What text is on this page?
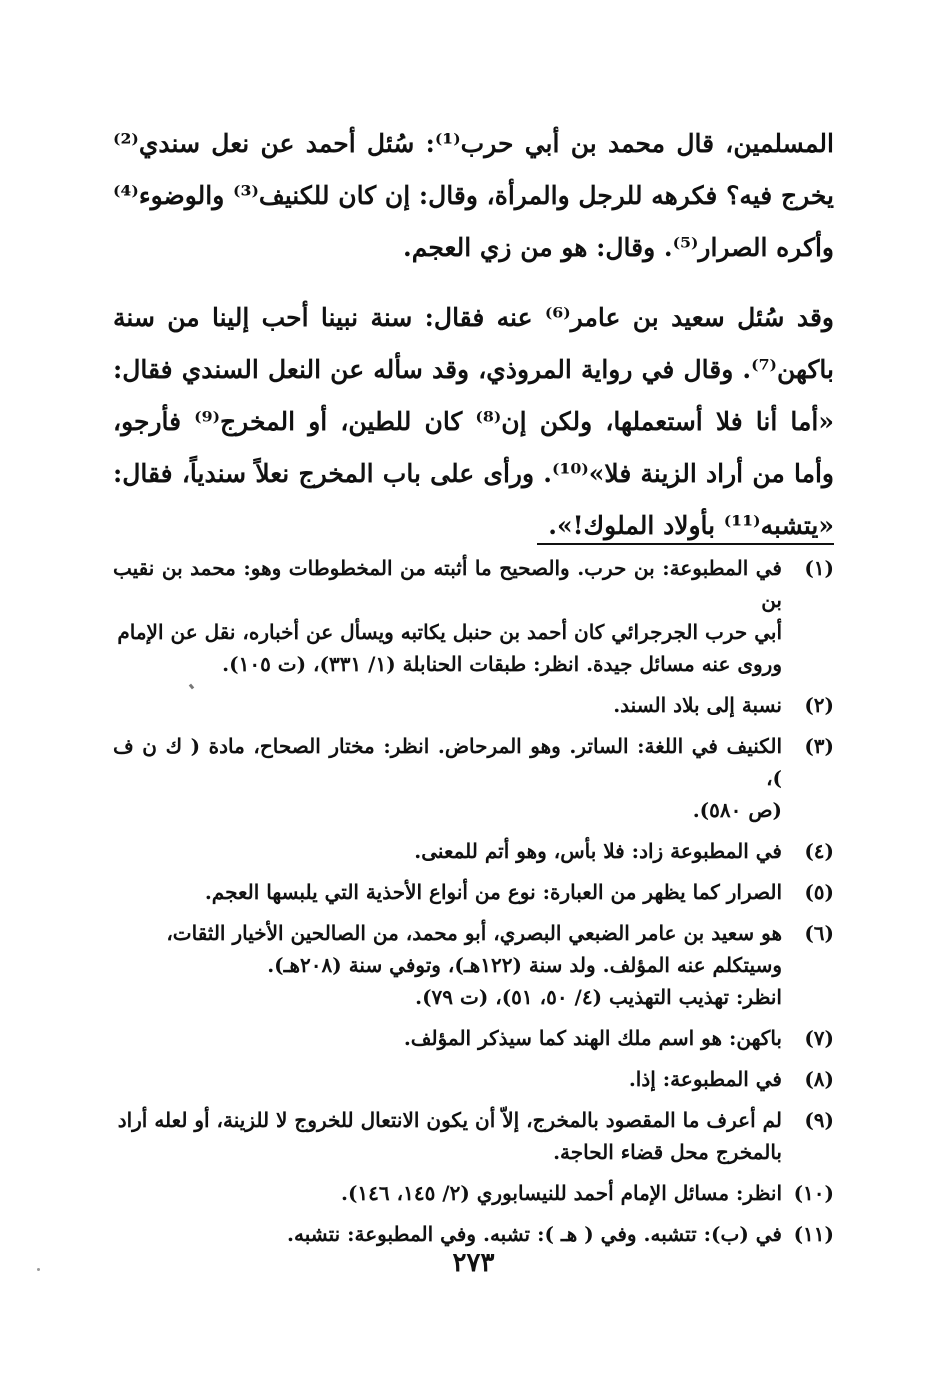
المسلمين، قال محمد بن أبي حرب⁽¹⁾: سُئل أحمد عن نعل سندي⁽²⁾ يخرج فيه؟ فكرهه للرجل والمرأة، وقال: إن كان للكنيف⁽³⁾ والوضوء⁽⁴⁾ وأكره الصرار⁽⁵⁾. وقال: هو من زي العجم.

وقد سُئل سعيد بن عامر⁽⁶⁾ عنه فقال: سنة نبينا أحب إلينا من سنة باكهن⁽⁷⁾. وقال في رواية المروذي، وقد سأله عن النعل السندي فقال: «أما أنا فلا أستعملها، ولكن إن⁽⁸⁾ كان للطين، أو المخرج⁽⁹⁾ فأرجو، وأما من أراد الزينة فلا»⁽¹⁰⁾. ورأى على باب المخرج نعلاً سندياً، فقال: «يتشبه⁽¹¹⁾ بأولاد الملوك!».

(١)
في المطبوعة: بن حرب. والصحيح ما أثبته من المخطوطات وهو: محمد بن نقيب بن
أبي حرب الجرجرائي كان أحمد بن حنبل يكاتبه ويسأل عن أخباره، نقل عن الإمام
وروى عنه مسائل جيدة. انظر: طبقات الحنابلة (١/ ٣٣١)، (ت ١٠٥).
(٢)
نسبة إلى بلاد السند.
(٣)
الكنيف في اللغة: الساتر. وهو المرحاض. انظر: مختار الصحاح، مادة ( ك ن ف )،
(ص ٥٨٠).
(٤)
في المطبوعة زاد: فلا بأس، وهو أتم للمعنى.
(٥)
الصرار كما يظهر من العبارة: نوع من أنواع الأحذية التي يلبسها العجم.
(٦)
هو سعيد بن عامر الضبعي البصري، أبو محمد، من الصالحين الأخيار الثقات،
وسيتكلم عنه المؤلف. ولد سنة (١٢٢هـ)، وتوفي سنة (٢٠٨هـ).
انظر: تهذيب التهذيب (٤/ ٥٠، ٥١)، (ت ٧٩).
(٧)
باكهن: هو اسم ملك الهند كما سيذكر المؤلف.
(٨)
في المطبوعة: إذا.
(٩)
لم أعرف ما المقصود بالمخرج، إلاّ أن يكون الانتعال للخروج لا للزينة، أو لعله أراد
بالمخرج محل قضاء الحاجة.
(١٠)
انظر: مسائل الإمام أحمد للنيسابوري (٢/ ١٤٥، ١٤٦).
(١١)
في (ب): تتشبه. وفي ( هـ ): تشبه. وفي المطبوعة: نتشبه.
٢٧٣
